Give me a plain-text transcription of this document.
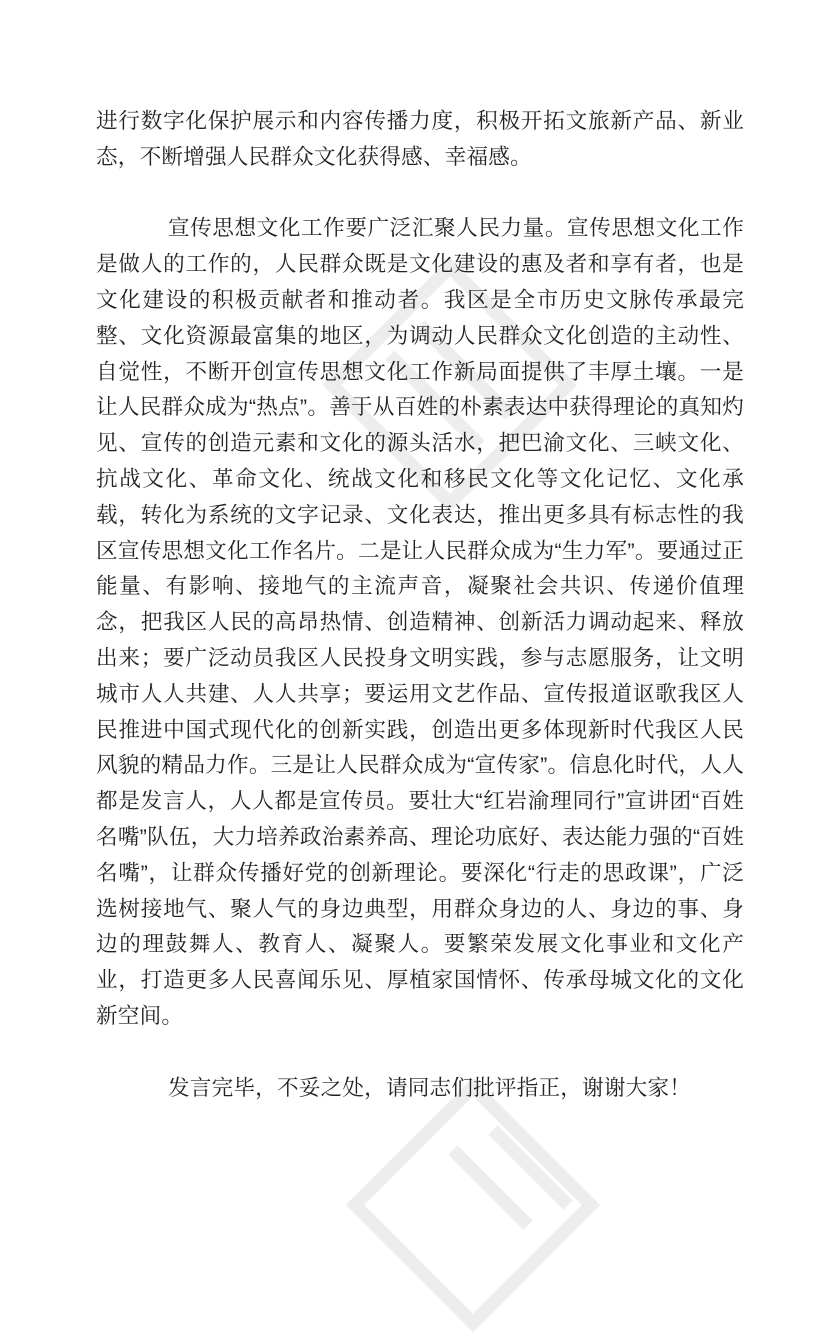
进行数字化保护展示和内容传播力度，积极开拓文旅新产品、新业态，不断增强人民群众文化获得感、幸福感。

宣传思想文化工作要广泛汇聚人民力量。宣传思想文化工作是做人的工作的，人民群众既是文化建设的惠及者和享有者，也是文化建设的积极贡献者和推动者。我区是全市历史文脉传承最完整、文化资源最富集的地区，为调动人民群众文化创造的主动性、自觉性，不断开创宣传思想文化工作新局面提供了丰厚土壤。一是让人民群众成为“热点”。善于从百姓的朴素表达中获得理论的真知灼见、宣传的创造元素和文化的源头活水，把巴渝文化、三峡文化、抗战文化、革命文化、统战文化和移民文化等文化记忆、文化承载，转化为系统的文字记录、文化表达，推出更多具有标志性的我区宣传思想文化工作名片。二是让人民群众成为“生力军”。要通过正能量、有影响、接地气的主流声音，凝聚社会共识、传递价值理念，把我区人民的高昂热情、创造精神、创新活力调动起来、释放出来；要广泛动员我区人民投身文明实践，参与志愿服务，让文明城市人人共建、人人共享；要运用文艺作品、宣传报道讴歌我区人民推进中国式现代化的创新实践，创造出更多体现新时代我区人民风貌的精品力作。三是让人民群众成为“宣传家”。信息化时代，人人都是发言人，人人都是宣传员。要壮大“红岩渝理同行”宣讲团“百姓名嘴”队伍，大力培养政治素养高、理论功底好、表达能力强的“百姓名嘴”，让群众传播好党的创新理论。要深化“行走的思政课”，广泛选树接地气、聚人气的身边典型，用群众身边的人、身边的事、身边的理鼓舞人、教育人、凝聚人。要繁荣发展文化事业和文化产业，打造更多人民喜闻乐见、厚植家国情怀、传承母城文化的文化新空间。

发言完毕，不妥之处，请同志们批评指正，谢谢大家！
